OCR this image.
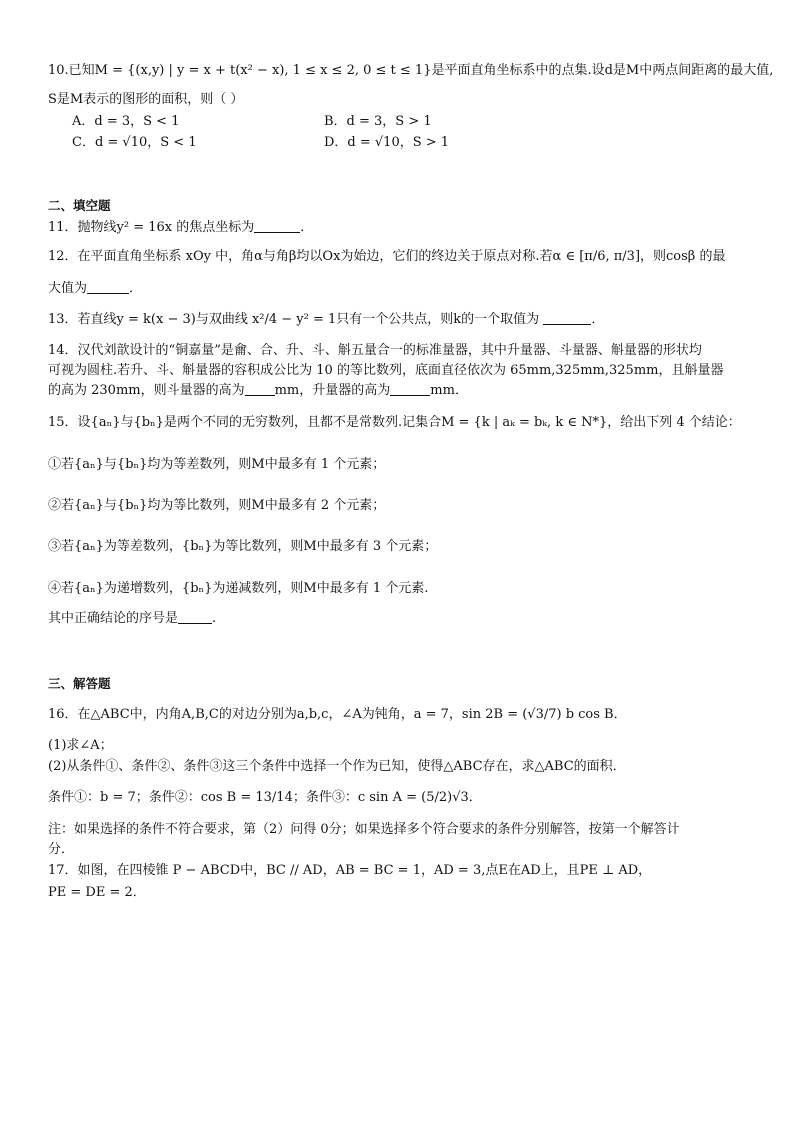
10.已知M = {(x,y) | y = x + t(x² − x), 1 ≤ x ≤ 2, 0 ≤ t ≤ 1}是平面直角坐标系中的点集.设d是M中两点间距离的最大值,
S是M表示的图形的面积，则（ ）
A．d = 3，S < 1	B．d = 3，S > 1
C．d = √10，S < 1	D．d = √10，S > 1
二、填空题
11．抛物线y² = 16x 的焦点坐标为	．
12．在平面直角坐标系 xOy 中，角α与角β均以Ox为始边，它们的终边关于原点对称.若α ∈ [π/6, π/3]，则cosβ 的最
大值为	．
13．若直线y = k(x − 3)与双曲线 x²/4 − y² = 1只有一个公共点，则k的一个取值为	．
14．汉代刘歆设计的“铜嘉量”是龠、合、升、斗、斛五量合一的标准量器，其中升量器、斗量器、斛量器的形状均
可视为圆柱.若升、斗、斛量器的容积成公比为 10 的等比数列，底面直径依次为 65mm,325mm,325mm，且斛量器
的高为 230mm，则斗量器的高为 mm，升量器的高为	mm．
15．设{aₙ}与{bₙ}是两个不同的无穷数列，且都不是常数列.记集合M = {k | aₖ = bₖ, k ∈ N*}，给出下列 4 个结论：
①若{aₙ}与{bₙ}均为等差数列，则M中最多有 1 个元素；
②若{aₙ}与{bₙ}均为等比数列，则M中最多有 2 个元素；
③若{aₙ}为等差数列，{bₙ}为等比数列，则M中最多有 3 个元素；
④若{aₙ}为递增数列，{bₙ}为递减数列，则M中最多有 1 个元素.
其中正确结论的序号是	.
三、解答题
16．在△ABC中，内角A,B,C的对边分别为a,b,c，∠A为钝角，a = 7，sin 2B = (√3/7) b cos B．
(1)求∠A；
(2)从条件①、条件②、条件③这三个条件中选择一个作为已知，使得△ABC存在，求△ABC的面积．
条件①：b = 7；条件②：cos B = 13/14；条件③：c sin A = (5/2)√3．
注：如果选择的条件不符合要求，第（2）问得 0分；如果选择多个符合要求的条件分别解答，按第一个解答计
分．
17．如图，在四棱锥 P − ABCD中，BC // AD，AB = BC = 1，AD = 3,点E在AD上，且PE ⊥ AD，
PE = DE = 2．
